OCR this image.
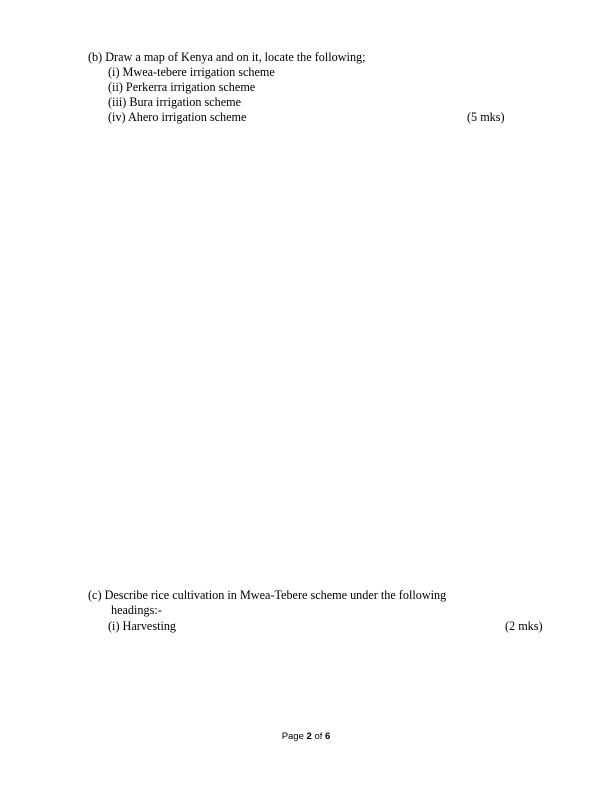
(b) Draw a map of Kenya and on it, locate the following;
(i) Mwea-tebere irrigation scheme
(ii) Perkerra irrigation scheme
(iii) Bura irrigation scheme
(iv) Ahero irrigation scheme	(5 mks)
(c) Describe rice cultivation in Mwea-Tebere scheme under the following
headings:-
(i) Harvesting	(2 mks)
Page 2 of 6
